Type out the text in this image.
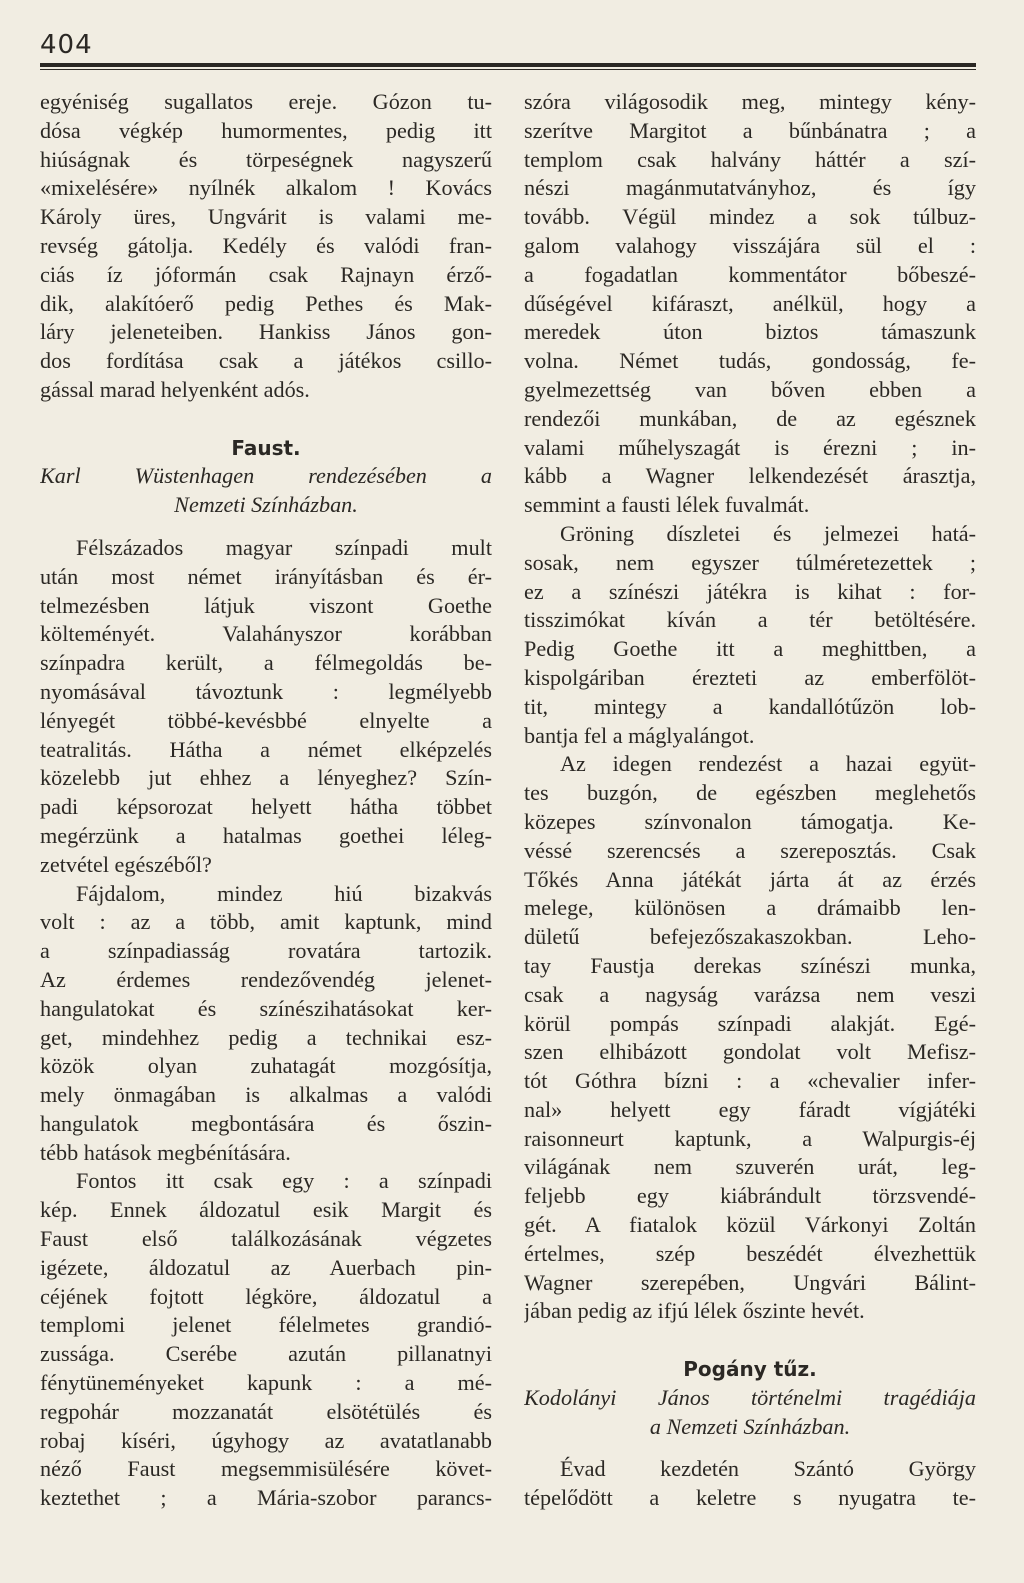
404
egyéniség sugallatos ereje. Gózon tu-
dósa végkép humormentes, pedig itt
hiúságnak és törpeségnek nagyszerű
«mixelésére» nyílnék alkalom ! Kovács
Károly üres, Ungvárit is valami me-
revség gátolja. Kedély és valódi fran-
ciás íz jóformán csak Rajnayn érző-
dik, alakítóerő pedig Pethes és Mak-
láry jeleneteiben. Hankiss János gon-
dos fordítása csak a játékos csillo-
gással marad helyenként adós.
Faust.
Karl Wüstenhagen rendezésében a
Nemzeti Színházban.
Félszázados magyar színpadi mult
után most német irányításban és ér-
telmezésben látjuk viszont Goethe
költeményét. Valahányszor korábban
színpadra került, a félmegoldás be-
nyomásával távoztunk : legmélyebb
lényegét többé-kevésbbé elnyelte a
teatralitás. Hátha a német elképzelés
közelebb jut ehhez a lényeghez? Szín-
padi képsorozat helyett hátha többet
megérzünk a hatalmas goethei léleg-
zetvétel egészéből?
Fájdalom, mindez hiú bizakvás
volt : az a több, amit kaptunk, mind
a színpadiasság rovatára tartozik.
Az érdemes rendezővendég jelenet-
hangulatokat és színészihatásokat ker-
get, mindehhez pedig a technikai esz-
közök olyan zuhatagát mozgósítja,
mely önmagában is alkalmas a valódi
hangulatok megbontására és őszin-
tébb hatások megbénítására.
Fontos itt csak egy : a színpadi
kép. Ennek áldozatul esik Margit és
Faust első találkozásának végzetes
igézete, áldozatul az Auerbach pin-
céjének fojtott légköre, áldozatul a
templomi jelenet félelmetes grandió-
zussága. Cserébe azután pillanatnyi
fénytüneményeket kapunk : a mé-
regpohár mozzanatát elsötétülés és
robaj kíséri, úgyhogy az avatatlanabb
néző Faust megsemmisülésére követ-
keztethet ; a Mária-szobor parancs-
szóra világosodik meg, mintegy kény-
szerítve Margitot a bűnbánatra ; a
templom csak halvány háttér a szí-
nészi magánmutatványhoz, és így
tovább. Végül mindez a sok túlbuz-
galom valahogy visszájára sül el :
a fogadatlan kommentátor bőbeszé-
dűségével kifáraszt, anélkül, hogy a
meredek úton biztos támaszunk
volna. Német tudás, gondosság, fe-
gyelmezettség van bőven ebben a
rendezői munkában, de az egésznek
valami műhelyszagát is érezni ; in-
kább a Wagner lelkendezését árasztja,
semmint a fausti lélek fuvalmát.
Gröning díszletei és jelmezei hatá-
sosak, nem egyszer túlméretezettek ;
ez a színészi játékra is kihat : for-
tisszimókat kíván a tér betöltésére.
Pedig Goethe itt a meghittben, a
kispolgáriban érezteti az emberfölöt-
tit, mintegy a kandallótűzön lob-
bantja fel a máglyalángot.
Az idegen rendezést a hazai együt-
tes buzgón, de egészben meglehetős
közepes színvonalon támogatja. Ke-
véssé szerencsés a szereposztás. Csak
Tőkés Anna játékát járta át az érzés
melege, különösen a drámaibb len-
dületű befejezőszakaszokban. Leho-
tay Faustja derekas színészi munka,
csak a nagyság varázsa nem veszi
körül pompás színpadi alakját. Egé-
szen elhibázott gondolat volt Mefisz-
tót Góthra bízni : a «chevalier infer-
nal» helyett egy fáradt vígjátéki
raisonneurt kaptunk, a Walpurgis-éj
világának nem szuverén urát, leg-
feljebb egy kiábrándult törzsvendé-
gét. A fiatalok közül Várkonyi Zoltán
értelmes, szép beszédét élvezhettük
Wagner szerepében, Ungvári Bálint-
jában pedig az ifjú lélek őszinte hevét.
Pogány tűz.
Kodolányi János történelmi tragédiája
a Nemzeti Színházban.
Évad kezdetén Szántó György
tépelődött a keletre s nyugatra te-
